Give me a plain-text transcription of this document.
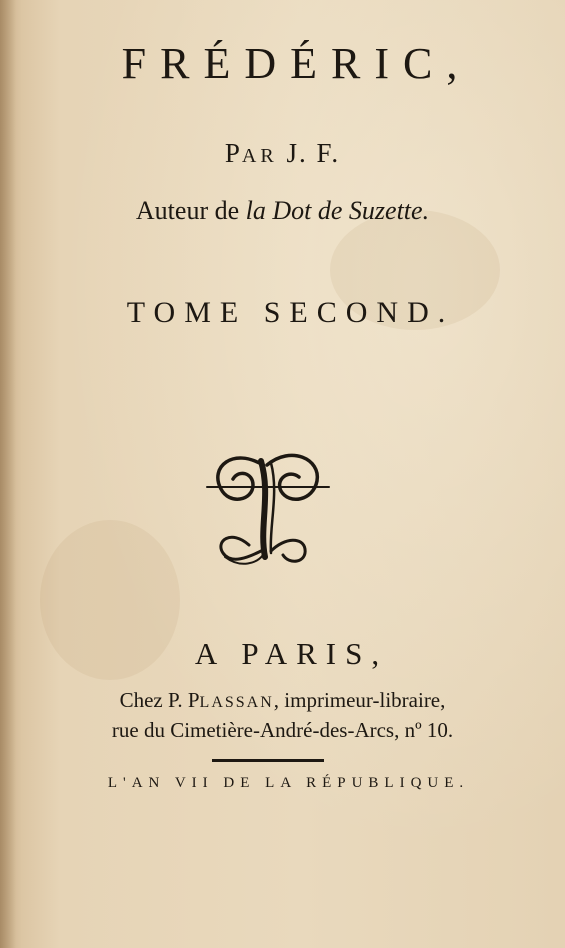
FRÉDÉRIC,
PAR J. F.
Auteur de la Dot de Suzette.
TOME SECOND.
A PARIS,
Chez P. PLASSAN, imprimeur-libraire,
rue du Cimetière-André-des-Arcs, nº 10.
L'AN VII DE LA RÉPUBLIQUE.
